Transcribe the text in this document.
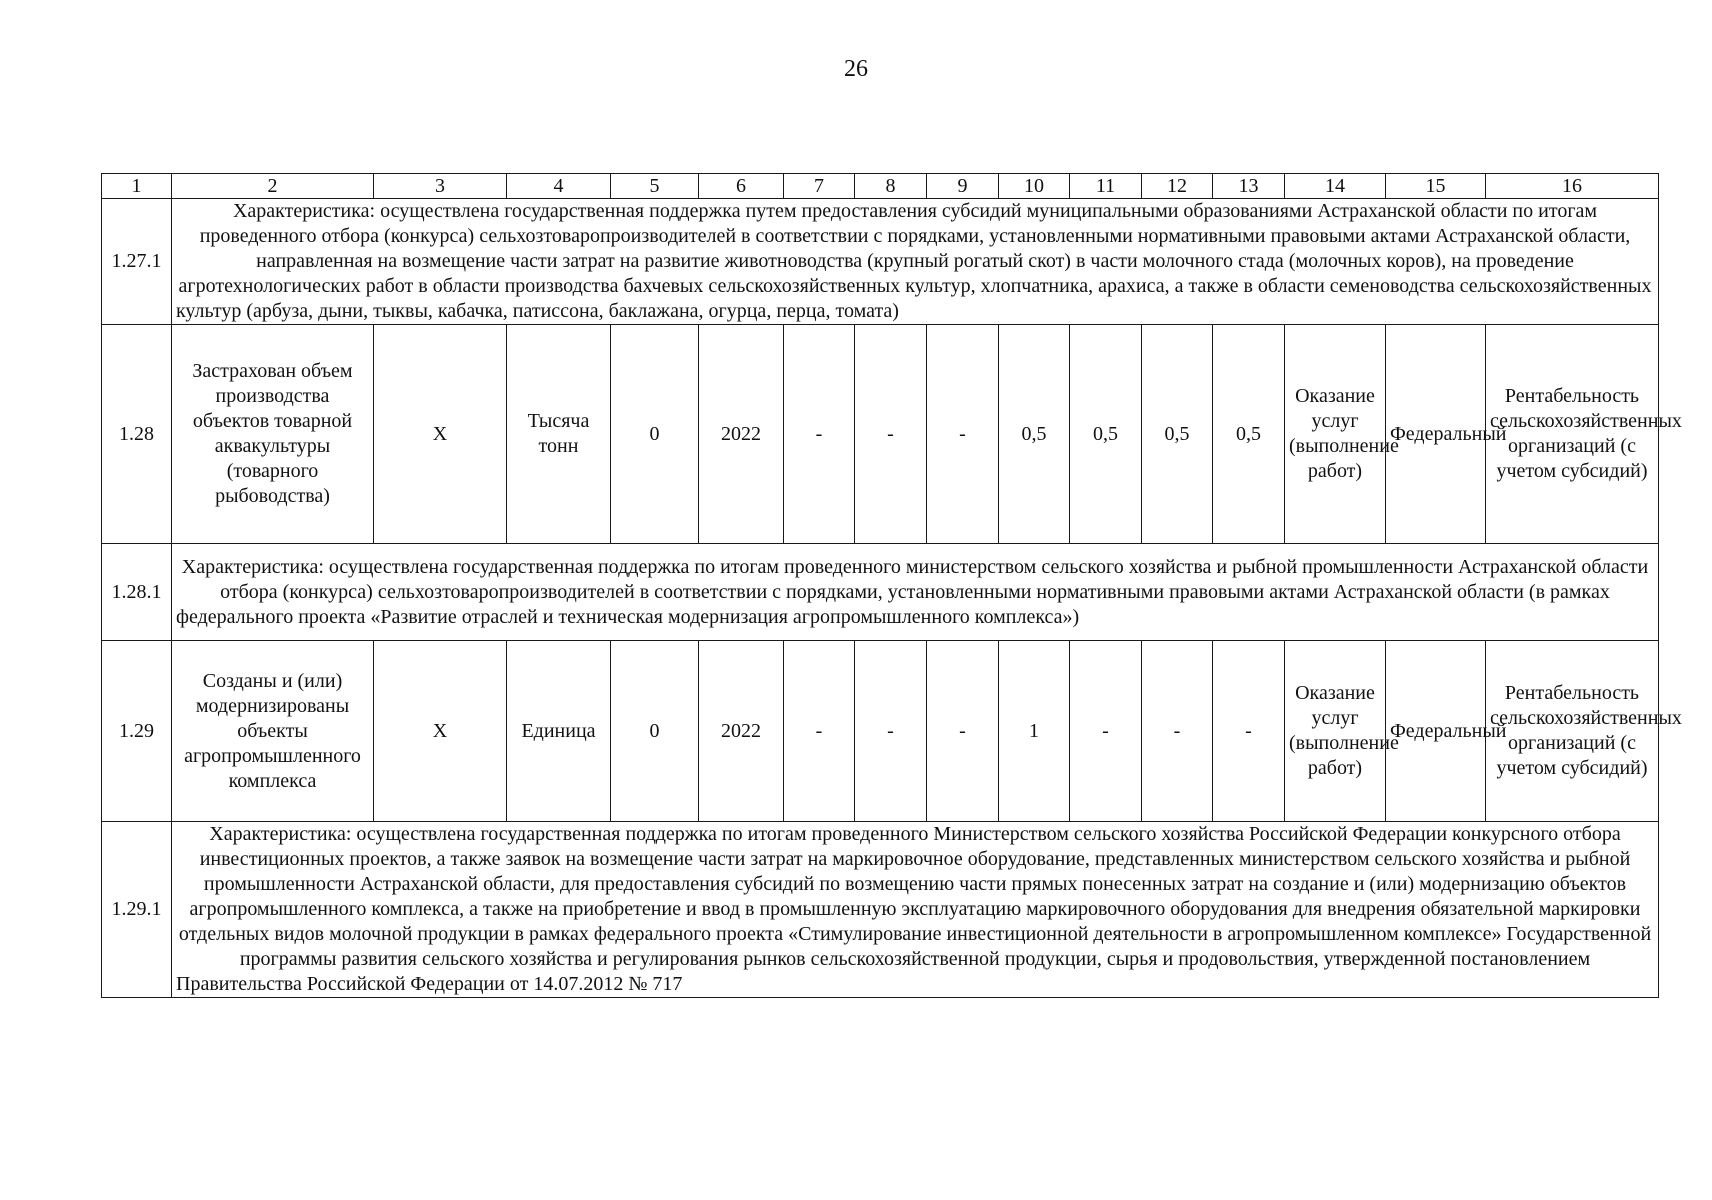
26
1	2	3	4	5	6	7	8	9	10	11	12	13	14	15	16
1.27.1	Характеристика: осуществлена государственная поддержка путем предоставления субсидий муниципальными образованиями Астраханской области по итогам проведенного отбора (конкурса) сельхозтоваропроизводителей в соответствии с порядками, установленными нормативными правовыми актами Астраханской области, направленная на возмещение части затрат на развитие животноводства (крупный рогатый скот) в части молочного стада (молочных коров), на проведение агротехнологических работ в области производства бахчевых сельскохозяйственных культур, хлопчатника, арахиса, а также в области семеноводства сельскохозяйственных культур (арбуза, дыни, тыквы, кабачка, патиссона, баклажана, огурца, перца, томата)														
1.28	Застрахован объем производства объектов товарной аквакультуры (товарного рыбоводства)	X	Тысяча тонн	0	2022	-	-	-	0,5	0,5	0,5	0,5	Оказание услуг (выполнение работ)	Федеральный	Рентабельность сельскохозяйственных организаций (с учетом субсидий)
1.28.1	Характеристика: осуществлена государственная поддержка по итогам проведенного министерством сельского хозяйства и рыбной промышленности Астраханской области отбора (конкурса) сельхозтоваропроизводителей в соответствии с порядками, установленными нормативными правовыми актами Астраханской области (в рамках федерального проекта «Развитие отраслей и техническая модернизация агропромышленного комплекса»)														
1.29	Созданы и (или) модернизированы объекты агропромышленного комплекса	X	Единица	0	2022	-	-	-	1	-	-	-	Оказание услуг (выполнение работ)	Федеральный	Рентабельность сельскохозяйственных организаций (с учетом субсидий)
1.29.1	Характеристика: осуществлена государственная поддержка по итогам проведенного Министерством сельского хозяйства Российской Федерации конкурсного отбора инвестиционных проектов, а также заявок на возмещение части затрат на маркировочное оборудование, представленных министерством сельского хозяйства и рыбной промышленности Астраханской области, для предоставления субсидий по возмещению части прямых понесенных затрат на создание и (или) модернизацию объектов агропромышленного комплекса, а также на приобретение и ввод в промышленную эксплуатацию маркировочного оборудования для внедрения обязательной маркировки отдельных видов молочной продукции в рамках федерального проекта «Стимулирование инвестиционной деятельности в агропромышленном комплексе» Государственной программы развития сельского хозяйства и регулирования рынков сельскохозяйственной продукции, сырья и продовольствия, утвержденной постановлением Правительства Российской Федерации от 14.07.2012 № 717														
